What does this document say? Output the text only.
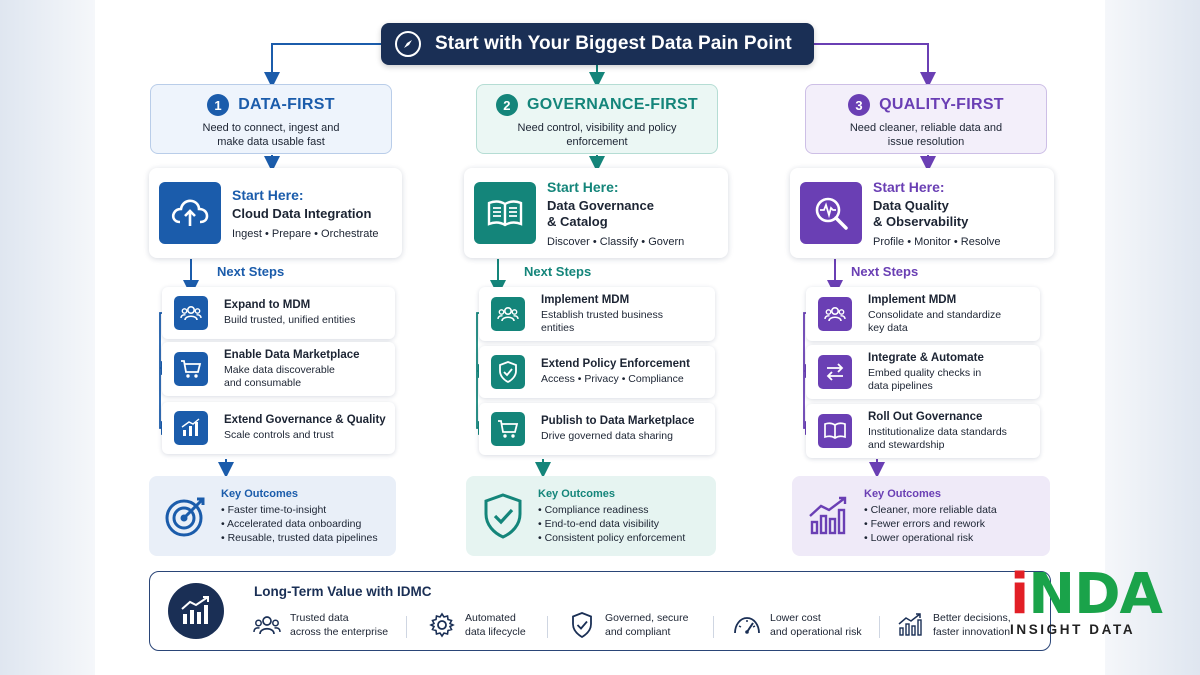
Start with Your Biggest Data Pain Point
1	DATA-FIRST
Need to connect, ingest and make data usable fast
2	GOVERNANCE-FIRST
Need control, visibility and policy enforcement
3	QUALITY-FIRST
Need cleaner, reliable data and issue resolution
Start Here:
Cloud Data Integration
Ingest • Prepare • Orchestrate
Start Here:
Data Governance
& Catalog
Discover • Classify • Govern
Start Here:
Data Quality
& Observability
Profile • Monitor • Resolve
Next Steps	Next Steps	Next Steps
Expand to MDM
Build trusted, unified entities
Enable Data Marketplace
Make data discoverable
and consumable
Extend Governance & Quality
Scale controls and trust
Implement MDM
Establish trusted business
entities
Extend Policy Enforcement
Access • Privacy • Compliance
Publish to Data Marketplace
Drive governed data sharing
Implement MDM
Consolidate and standardize
key data
Integrate & Automate
Embed quality checks in
data pipelines
Roll Out Governance
Institutionalize data standards
and stewardship
Key Outcomes
• Faster time-to-insight
• Accelerated data onboarding
• Reusable, trusted data pipelines
Key Outcomes
• Compliance readiness
• End-to-end data visibility
• Consistent policy enforcement
Key Outcomes
• Cleaner, more reliable data
• Fewer errors and rework
• Lower operational risk
Long-Term Value with IDMC
Trusted data
across the enterprise
Automated
data lifecycle
Governed, secure
and compliant
Lower cost
and operational risk
Better decisions,
faster innovation
iNDA
INSIGHT DATA
